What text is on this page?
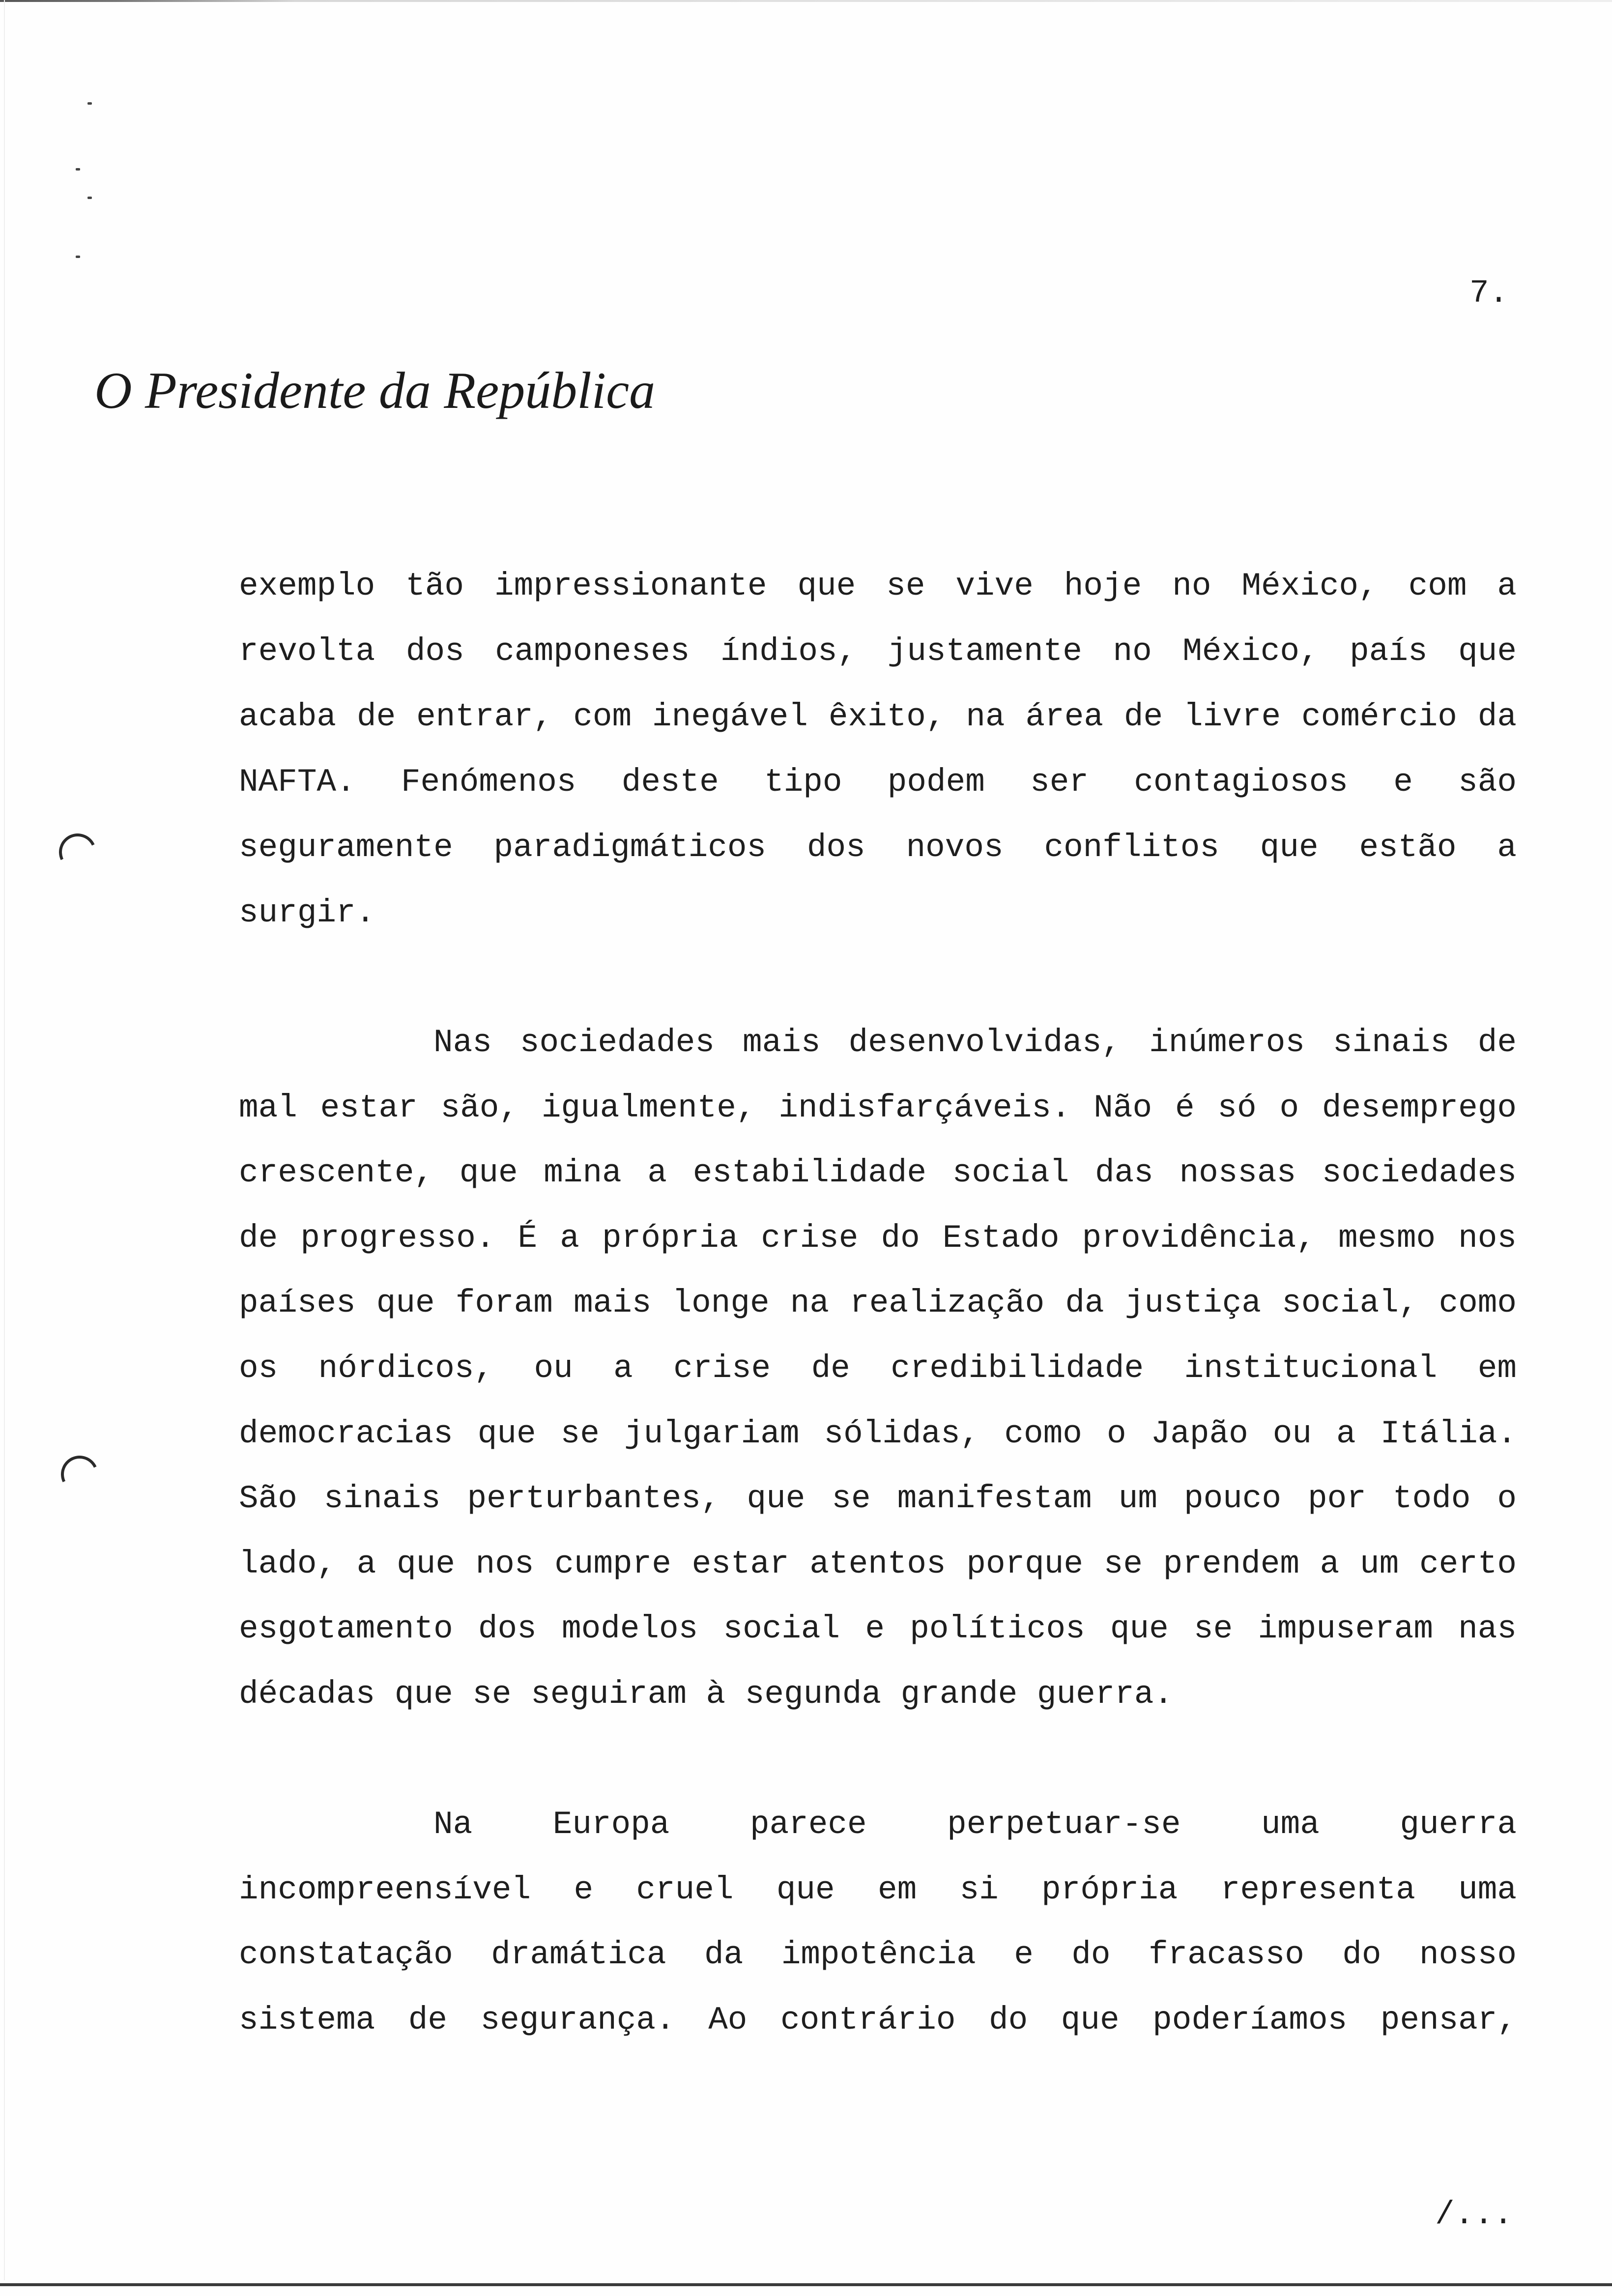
7.
O Presidente da República
exemplo tão impressionante que se vive hoje no México, com a
revolta dos camponeses índios, justamente no México, país que
acaba de entrar, com inegável êxito, na área de livre comércio da
NAFTA. Fenómenos deste tipo podem ser contagiosos e são
seguramente paradigmáticos dos novos conflitos que estão a
surgir.
Nas sociedades mais desenvolvidas, inúmeros sinais de
mal estar são, igualmente, indisfarçáveis. Não é só o desemprego
crescente, que mina a estabilidade social das nossas sociedades
de progresso. É a própria crise do Estado providência, mesmo nos
países que foram mais longe na realização da justiça social, como
os nórdicos, ou a crise de credibilidade institucional em
democracias que se julgariam sólidas, como o Japão ou a Itália.
São sinais perturbantes, que se manifestam um pouco por todo o
lado, a que nos cumpre estar atentos porque se prendem a um certo
esgotamento dos modelos social e políticos que se impuseram nas
décadas que se seguiram à segunda grande guerra.
Na Europa parece perpetuar-se uma guerra
incompreensível e cruel que em si própria representa uma
constatação dramática da impotência e do fracasso do nosso
sistema de segurança. Ao contrário do que poderíamos pensar,
/...
